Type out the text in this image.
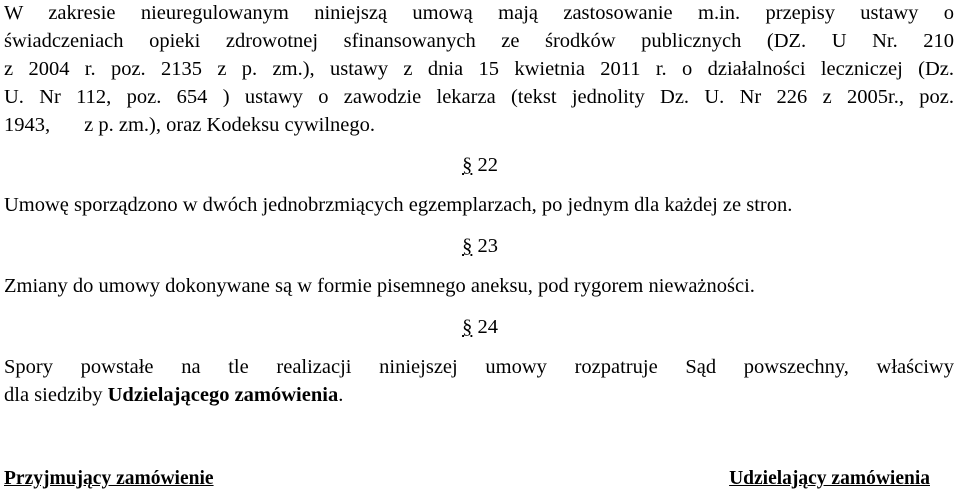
W zakresie nieuregulowanym niniejszą umową mają zastosowanie m.in. przepisy ustawy o
świadczeniach opieki zdrowotnej sfinansowanych ze środków publicznych (DZ. U Nr. 210
z 2004 r. poz. 2135 z p. zm.), ustawy z dnia 15 kwietnia 2011 r. o działalności leczniczej (Dz.
U. Nr 112, poz. 654 ) ustawy o zawodzie lekarza (tekst jednolity Dz. U. Nr 226 z 2005r., poz.
1943, z p. zm.), oraz Kodeksu cywilnego.
§ 22
Umowę sporządzono w dwóch jednobrzmiących egzemplarzach, po jednym dla każdej ze stron.
§ 23
Zmiany do umowy dokonywane są w formie pisemnego aneksu, pod rygorem nieważności.
§ 24
Spory powstałe na tle realizacji niniejszej umowy rozpatruje Sąd powszechny, właściwy
dla siedziby Udzielającego zamówienia.
Przyjmujący zamówienie	Udzielający zamówienia
